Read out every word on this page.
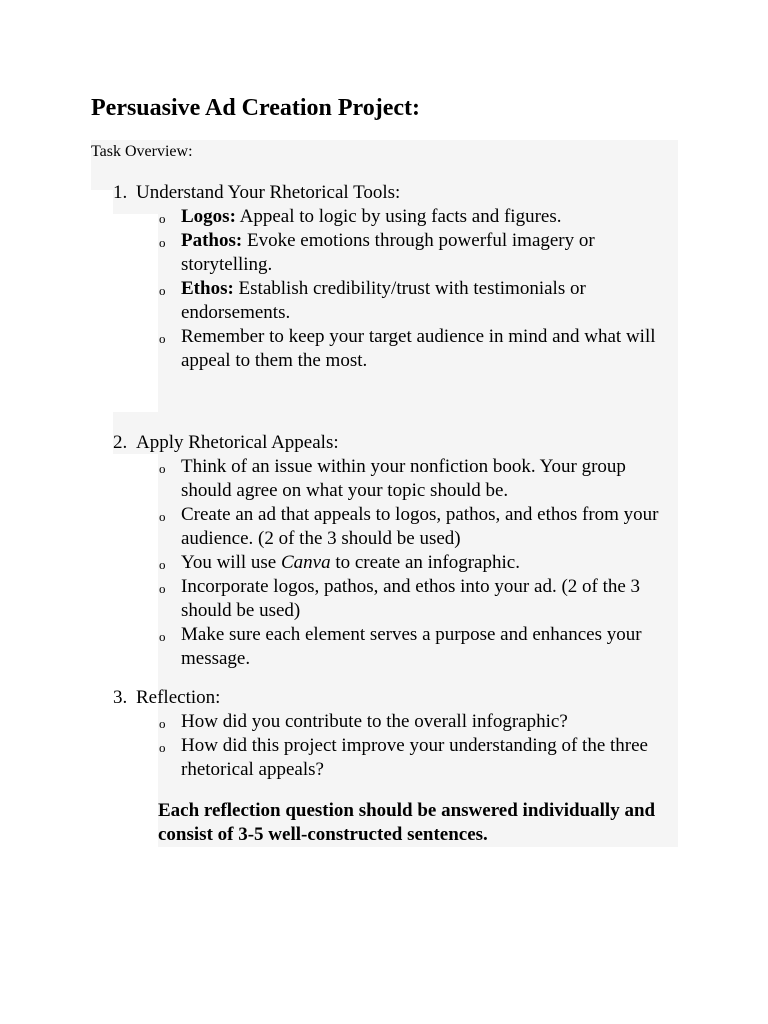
Persuasive Ad Creation Project:
Task Overview:
1. Understand Your Rhetorical Tools:
o Logos: Appeal to logic by using facts and figures.
o Pathos: Evoke emotions through powerful imagery or storytelling.
o Ethos: Establish credibility/trust with testimonials or endorsements.
o Remember to keep your target audience in mind and what will appeal to them the most.
2. Apply Rhetorical Appeals:
o Think of an issue within your nonfiction book. Your group should agree on what your topic should be.
o Create an ad that appeals to logos, pathos, and ethos from your audience. (2 of the 3 should be used)
o You will use Canva to create an infographic.
o Incorporate logos, pathos, and ethos into your ad. (2 of the 3 should be used)
o Make sure each element serves a purpose and enhances your message.
3. Reflection:
o How did you contribute to the overall infographic?
o How did this project improve your understanding of the three rhetorical appeals?
Each reflection question should be answered individually and consist of 3-5 well-constructed sentences.
